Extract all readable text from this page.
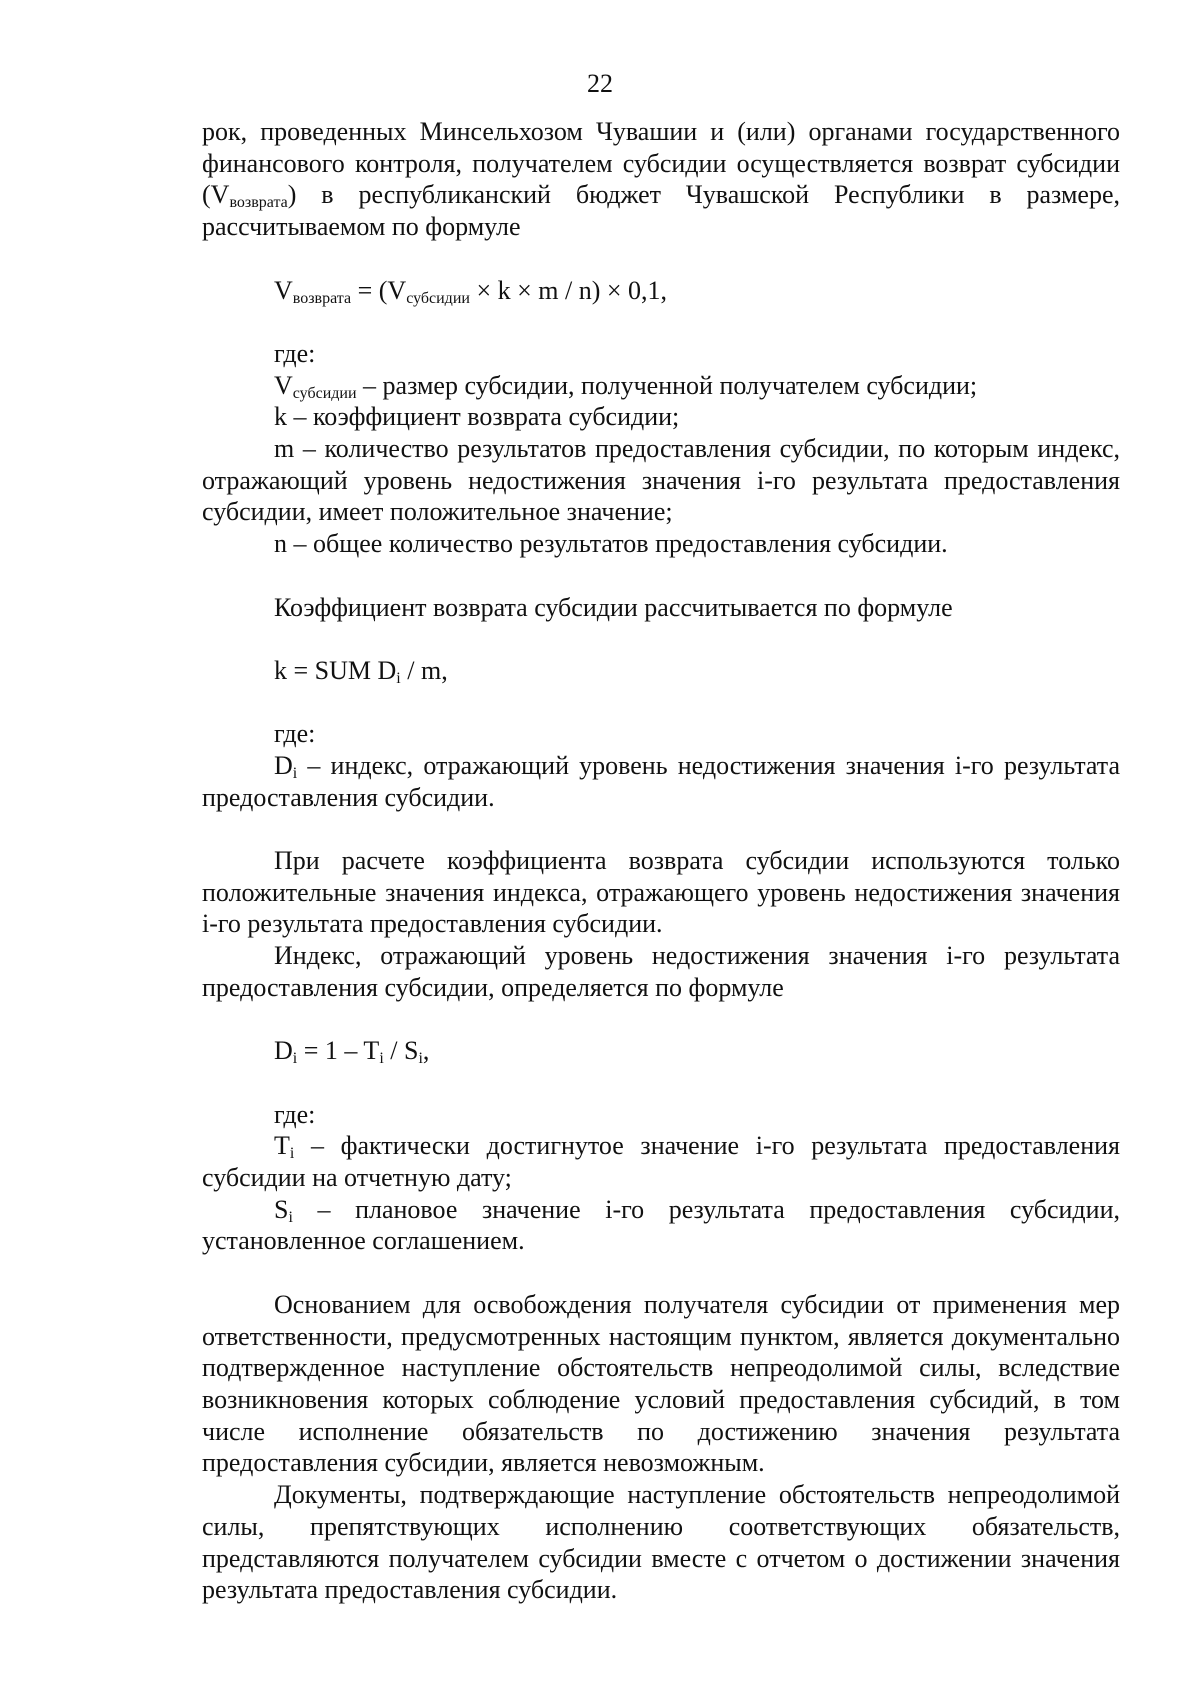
22

рок, проведенных Минсельхозом Чувашии и (или) органами государственного финансового контроля, получателем субсидии осуществляется возврат субсидии $(V_{возврата})$ в республиканский бюджет Чувашской Республики в размере, рассчитываемом по формуле

$V_{возврата} = (V_{субсидии} \times k \times m / n) \times 0,1$,

где:

$V_{субсидии}$ – размер субсидии, полученной получателем субсидии;

k – коэффициент возврата субсидии;

m – количество результатов предоставления субсидии, по которым индекс, отражающий уровень недостижения значения i-го результата предоставления субсидии, имеет положительное значение;

n – общее количество результатов предоставления субсидии.

Коэффициент возврата субсидии рассчитывается по формуле

k = SUM $D_i$ / m,

где:

$D_i$ – индекс, отражающий уровень недостижения значения i-го результата предоставления субсидии.

При расчете коэффициента возврата субсидии используются только положительные значения индекса, отражающего уровень недостижения значения i-го результата предоставления субсидии.

Индекс, отражающий уровень недостижения значения i-го результата предоставления субсидии, определяется по формуле

$D_i = 1 - T_i / S_i$,

где:

$T_i$ – фактически достигнутое значение i-го результата предоставления субсидии на отчетную дату;

$S_i$ – плановое значение i-го результата предоставления субсидии, установленное соглашением.

Основанием для освобождения получателя субсидии от применения мер ответственности, предусмотренных настоящим пунктом, является документально подтвержденное наступление обстоятельств непреодолимой силы, вследствие возникновения которых соблюдение условий предоставления субсидий, в том числе исполнение обязательств по достижению значения результата предоставления субсидии, является невозможным.

Документы, подтверждающие наступление обстоятельств непреодолимой силы, препятствующих исполнению соответствующих обязательств, представляются получателем субсидии вместе с отчетом о достижении значения результата предоставления субсидии.
